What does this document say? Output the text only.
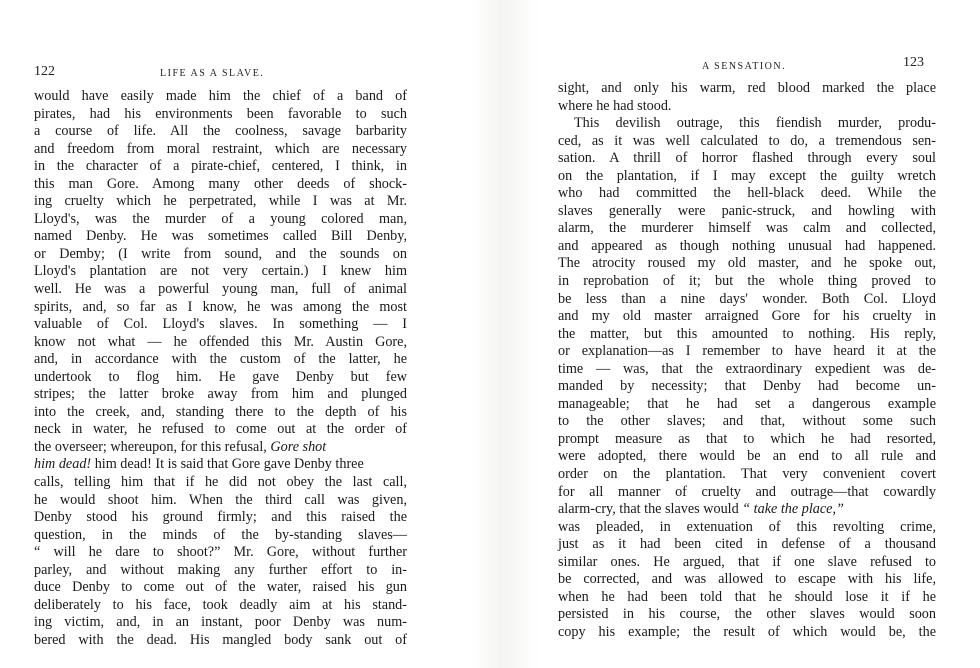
122	LIFE AS A SLAVE.
would have easily made him the chief of a band of
pirates, had his environments been favorable to such
a course of life. All the coolness, savage barbarity
and freedom from moral restraint, which are necessary
in the character of a pirate-chief, centered, I think, in
this man Gore. Among many other deeds of shock-
ing cruelty which he perpetrated, while I was at Mr.
Lloyd's, was the murder of a young colored man,
named Denby. He was sometimes called Bill Denby,
or Demby; (I write from sound, and the sounds on
Lloyd's plantation are not very certain.) I knew him
well. He was a powerful young man, full of animal
spirits, and, so far as I know, he was among the most
valuable of Col. Lloyd's slaves. In something — I
know not what — he offended this Mr. Austin Gore,
and, in accordance with the custom of the latter, he
undertook to flog him. He gave Denby but few
stripes; the latter broke away from him and plunged
into the creek, and, standing there to the depth of his
neck in water, he refused to come out at the order of
the overseer; whereupon, for this refusal, Gore shot
him dead! him dead! It is said that Gore gave Denby three
calls, telling him that if he did not obey the last call,
he would shoot him. When the third call was given,
Denby stood his ground firmly; and this raised the
question, in the minds of the by-standing slaves—
“ will he dare to shoot?” Mr. Gore, without further
parley, and without making any further effort to in-
duce Denby to come out of the water, raised his gun
deliberately to his face, took deadly aim at his stand-
ing victim, and, in an instant, poor Denby was num-
bered with the dead. His mangled body sank out of
A SENSATION.	123
sight, and only his warm, red blood marked the place
where he had stood.
This devilish outrage, this fiendish murder, produ-
ced, as it was well calculated to do, a tremendous sen-
sation. A thrill of horror flashed through every soul
on the plantation, if I may except the guilty wretch
who had committed the hell-black deed. While the
slaves generally were panic-struck, and howling with
alarm, the murderer himself was calm and collected,
and appeared as though nothing unusual had happened.
The atrocity roused my old master, and he spoke out,
in reprobation of it; but the whole thing proved to
be less than a nine days' wonder. Both Col. Lloyd
and my old master arraigned Gore for his cruelty in
the matter, but this amounted to nothing. His reply,
or explanation—as I remember to have heard it at the
time — was, that the extraordinary expedient was de-
manded by necessity; that Denby had become un-
manageable; that he had set a dangerous example
to the other slaves; and that, without some such
prompt measure as that to which he had resorted,
were adopted, there would be an end to all rule and
order on the plantation. That very convenient covert
for all manner of cruelty and outrage—that cowardly
alarm-cry, that the slaves would “ take the place,”
was pleaded, in extenuation of this revolting crime,
just as it had been cited in defense of a thousand
similar ones. He argued, that if one slave refused to
be corrected, and was allowed to escape with his life,
when he had been told that he should lose it if he
persisted in his course, the other slaves would soon
copy his example; the result of which would be, the
